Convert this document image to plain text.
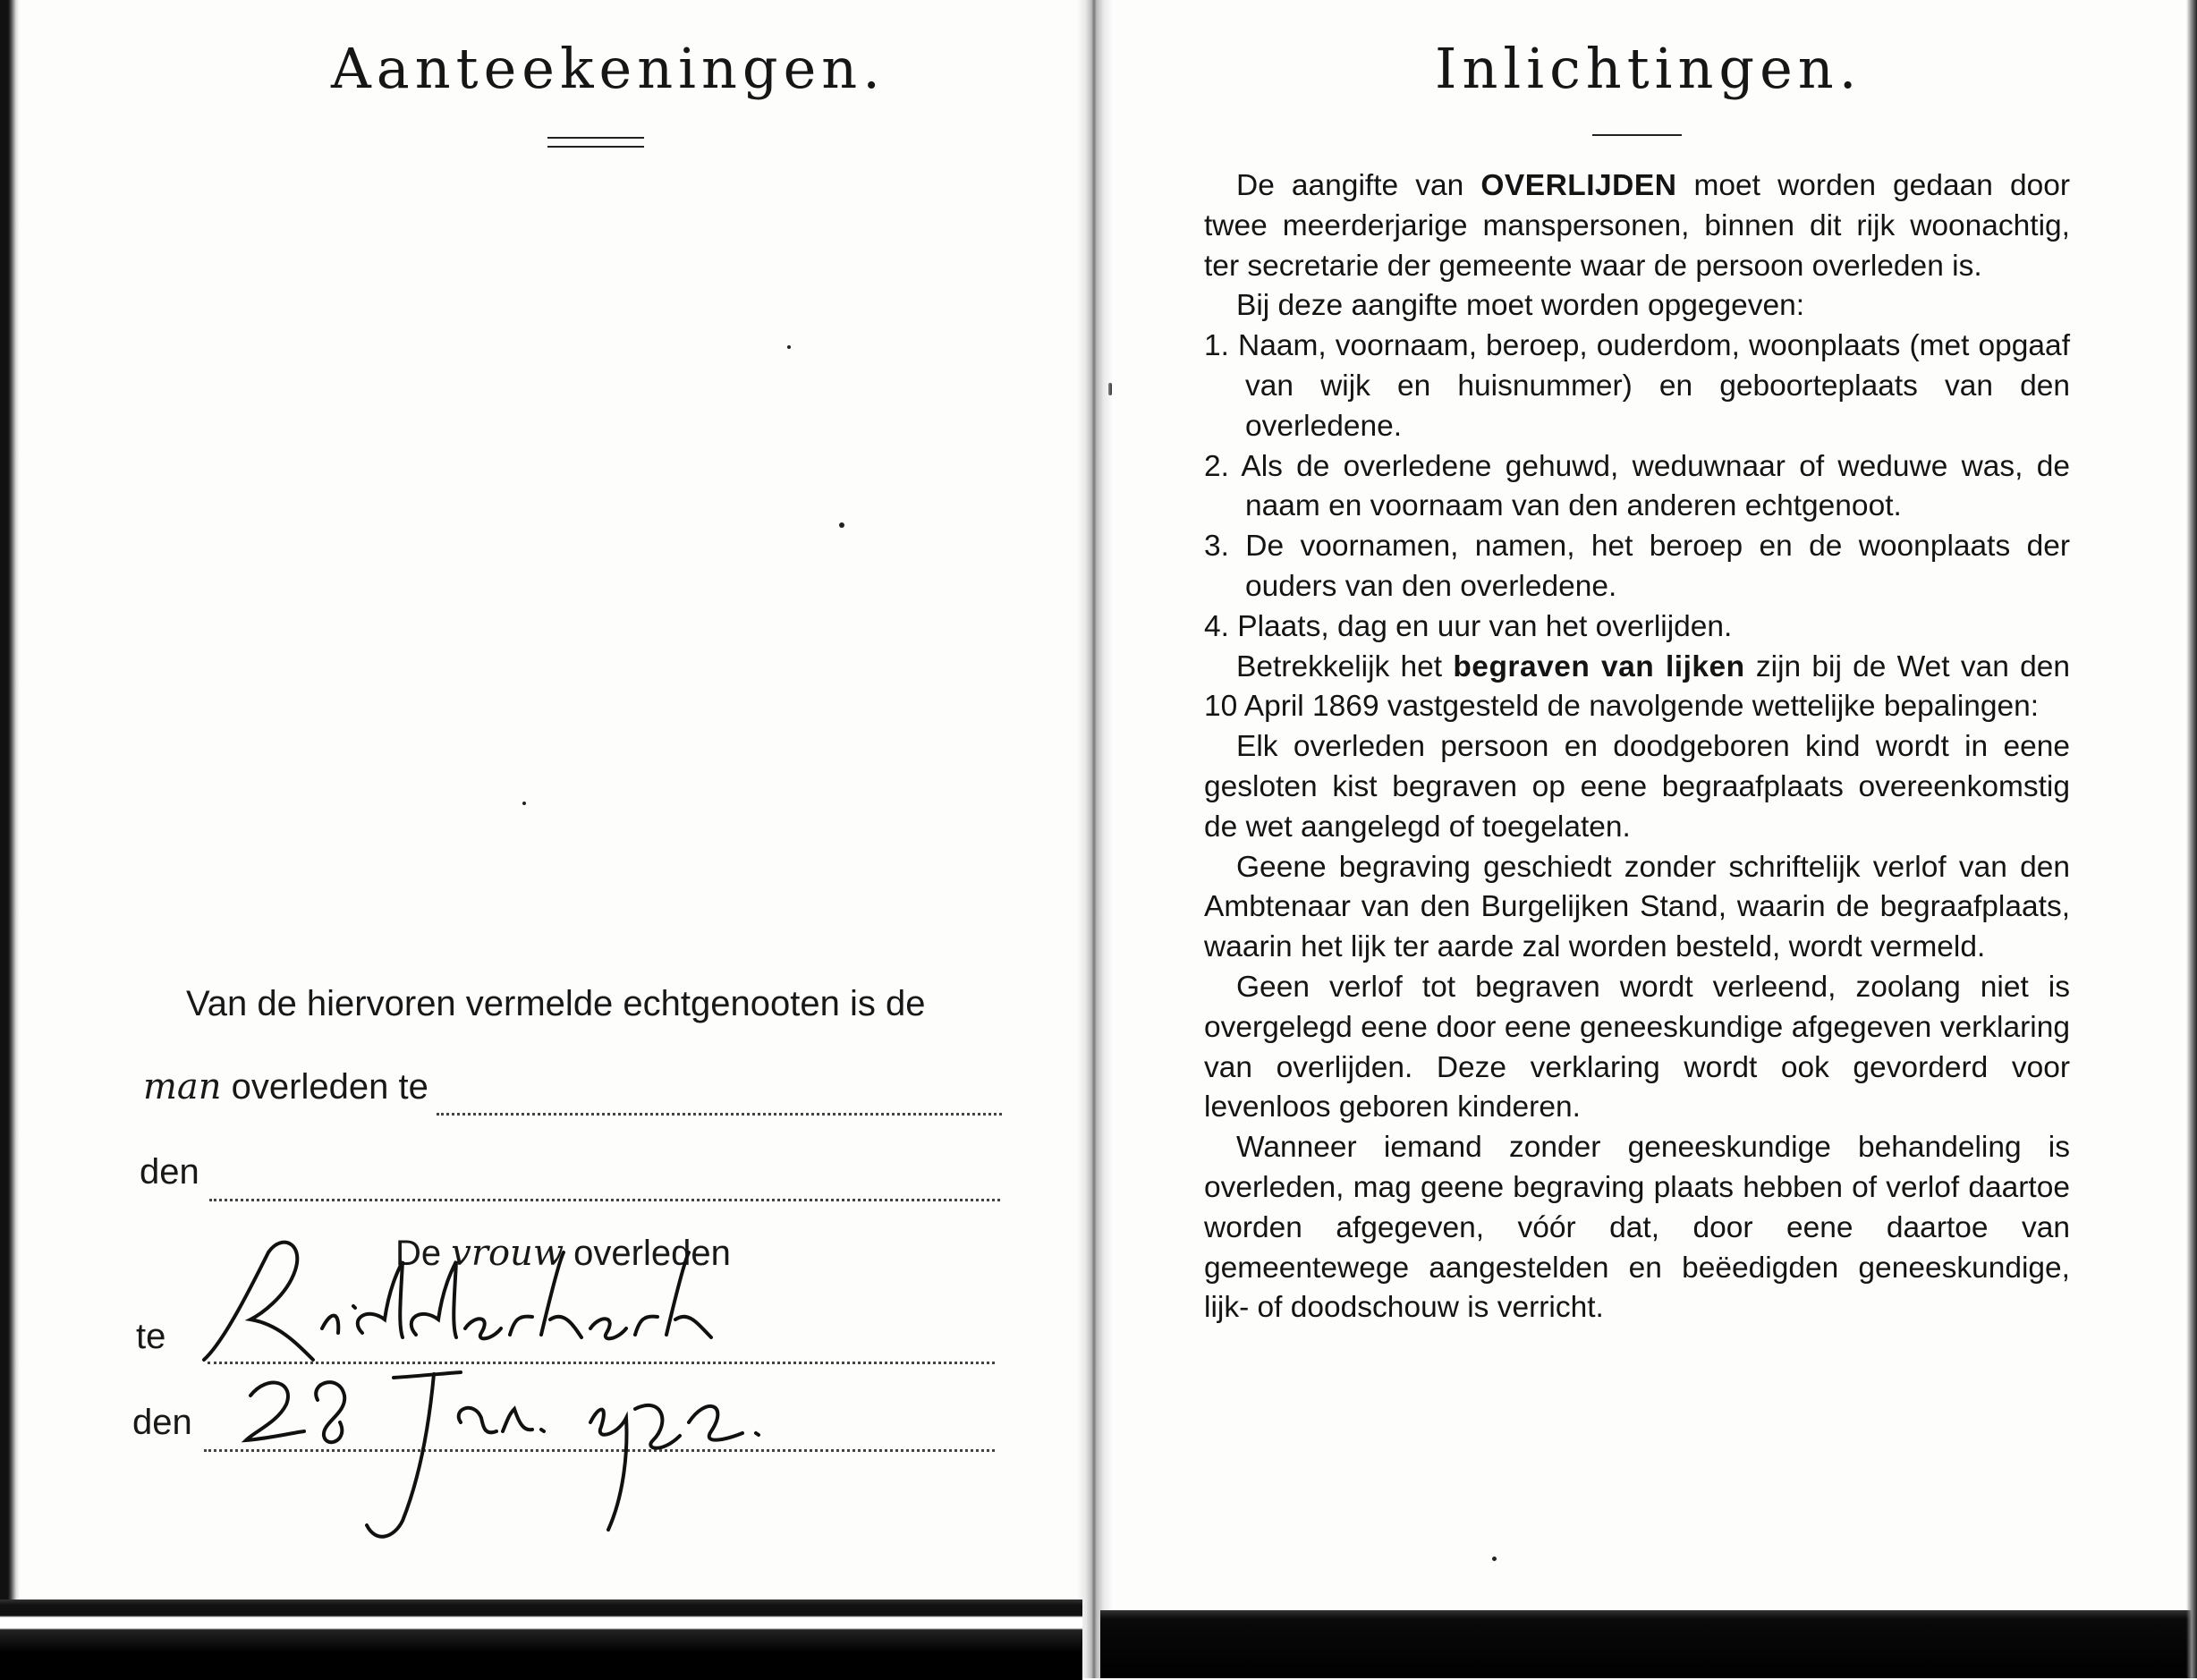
Aanteekeningen.
Van de hiervoren vermelde echtgenooten is de
man overleden te
den
De vrouw overleden
te
den
Inlichtingen.

De aangifte van OVERLIJDEN moet worden gedaan door twee meerderjarige manspersonen, binnen dit rijk woonachtig, ter secretarie der gemeente waar de persoon overleden is.

Bij deze aangifte moet worden opgegeven:

1. Naam, voornaam, beroep, ouderdom, woonplaats (met opgaaf van wijk en huisnummer) en geboorteplaats van den overledene.

2. Als de overledene gehuwd, weduwnaar of weduwe was, de naam en voornaam van den anderen echtgenoot.

3. De voornamen, namen, het beroep en de woonplaats der ouders van den overledene.

4. Plaats, dag en uur van het overlijden.

Betrekkelijk het begraven van lijken zijn bij de Wet van den 10 April 1869 vastgesteld de navolgende wettelijke bepalingen:

Elk overleden persoon en doodgeboren kind wordt in eene gesloten kist begraven op eene begraafplaats overeenkomstig de wet aangelegd of toegelaten.

Geene begraving geschiedt zonder schriftelijk verlof van den Ambtenaar van den Burgelijken Stand, waarin de begraafplaats, waarin het lijk ter aarde zal worden besteld, wordt vermeld.

Geen verlof tot begraven wordt verleend, zoolang niet is overgelegd eene door eene geneeskundige afgegeven verklaring van overlijden. Deze verklaring wordt ook gevorderd voor levenloos geboren kinderen.

Wanneer iemand zonder geneeskundige behandeling is overleden, mag geene begraving plaats hebben of verlof daartoe worden afgegeven, vóór dat, door eene daartoe van gemeentewege aangestelden en beëedigden geneeskundige, lijk- of doodschouw is verricht.
